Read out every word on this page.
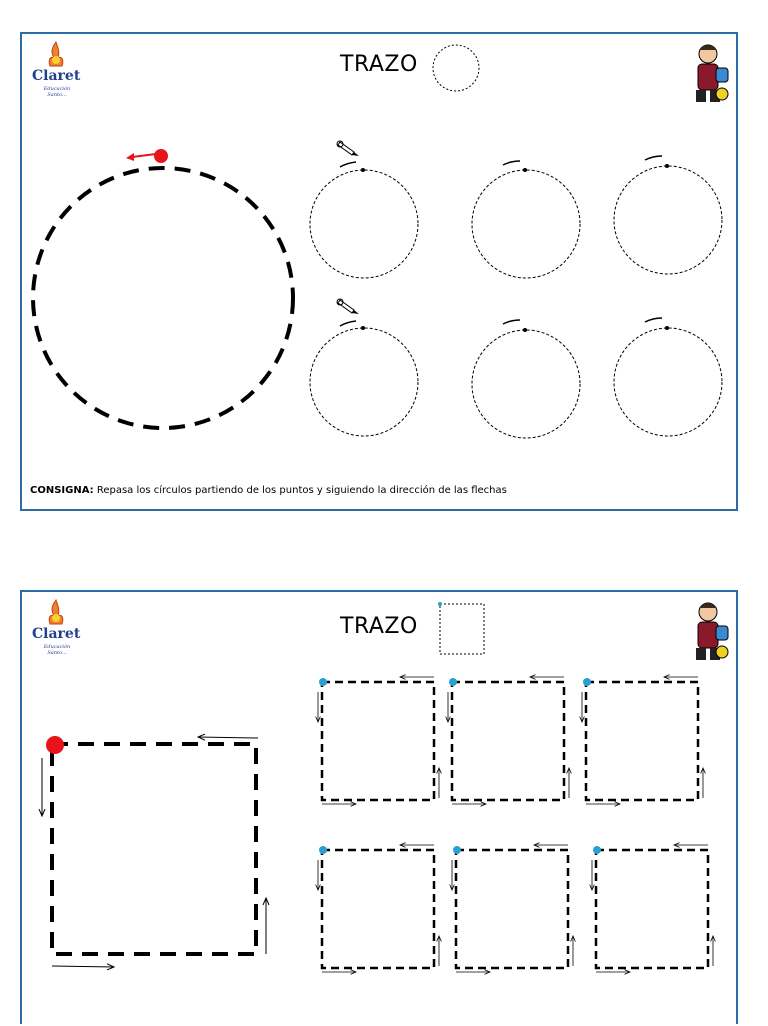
Claret
Educación Santo...
TRAZO
CONSIGNA: Repasa los círculos partiendo de los puntos y siguiendo la dirección de las flechas
Claret
Educación Santo...
TRAZO
